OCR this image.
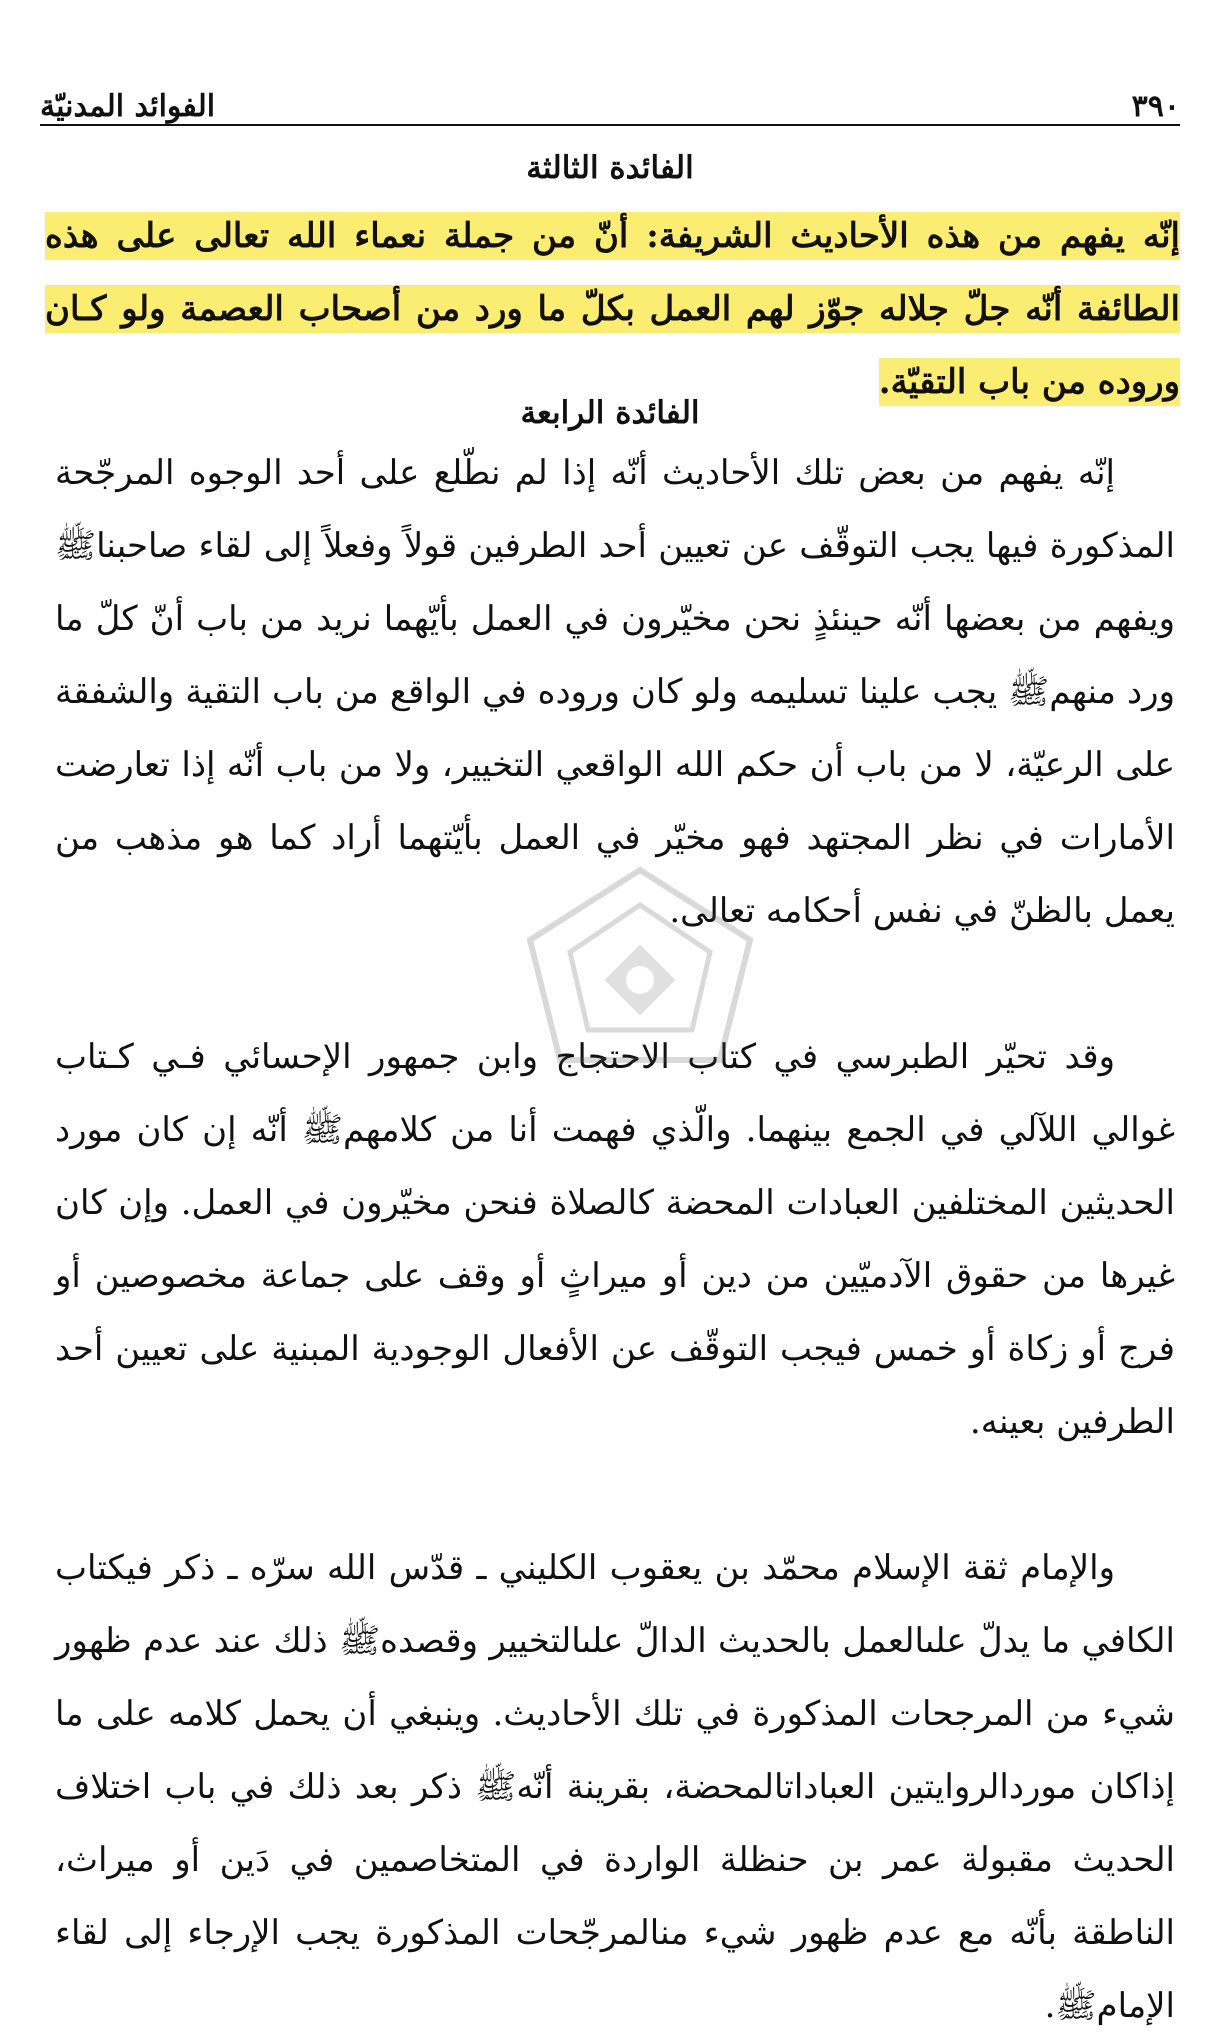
٣٩٠
الفوائد المدنيّة
الفائدة الثالثة
إنّه يفهم من هذه الأحاديث الشريفة: أنّ من جملة نعماء الله تعالى على هذه الطائفة أنّه جلّ جلاله جوّز لهم العمل بكلّ ما ورد من أصحاب العصمة ولو كـان وروده من باب التقيّة.
الفائدة الرابعة
إنّه يفهم من بعض تلك الأحاديث أنّه إذا لم نطّلع على أحد الوجوه المرجّحة المذكورة فيها يجب التوقّف عن تعيين أحد الطرفين قولاً وفعلاً إلى لقاء صاحبناﷺ ويفهم من بعضها أنّه حينئذٍ نحن مخيّرون في العمل بأيّهما نريد من باب أنّ كلّ ما ورد منهمﷺ يجب علينا تسليمه ولو كان وروده في الواقع من باب التقية والشفقة على الرعيّة، لا من باب أن حكم الله الواقعي التخيير، ولا من باب أنّه إذا تعارضت الأمارات في نظر المجتهد فهو مخيّر في العمل بأيّتهما أراد كما هو مذهب من يعمل بالظنّ في نفس أحكامه تعالى.
وقد تحيّر الطبرسي في كتاب الاحتجاج وابن جمهور الإحسائي فـي كـتاب غوالي اللآلي في الجمع بينهما. والّذي فهمت أنا من كلامهمﷺ أنّه إن كان مورد الحديثين المختلفين العبادات المحضة كالصلاة فنحن مخيّرون في العمل. وإن كان غيرها من حقوق الآدميّين من دين أو ميراثٍ أو وقف على جماعة مخصوصين أو فرج أو زكاة أو خمس فيجب التوقّف عن الأفعال الوجودية المبنية على تعيين أحد الطرفين بعينه.
والإمام ثقة الإسلام محمّد بن يعقوب الكليني ـ قدّس الله سرّه ـ ذكر فيكتاب الكافي ما يدلّ علىالعمل بالحديث الدالّ علىالتخيير وقصدهﷺ ذلك عند عدم ظهور شيء من المرجحات المذكورة في تلك الأحاديث. وينبغي أن يحمل كلامه على ما إذاكان موردالروايتين العباداتالمحضة، بقرينة أنّهﷺ ذكر بعد ذلك في باب اختلاف الحديث مقبولة عمر بن حنظلة الواردة في المتخاصمين في دَين أو ميراث، الناطقة بأنّه مع عدم ظهور شيء منالمرجّحات المذكورة يجب الإرجاء إلى لقاء الإمامﷺ.
